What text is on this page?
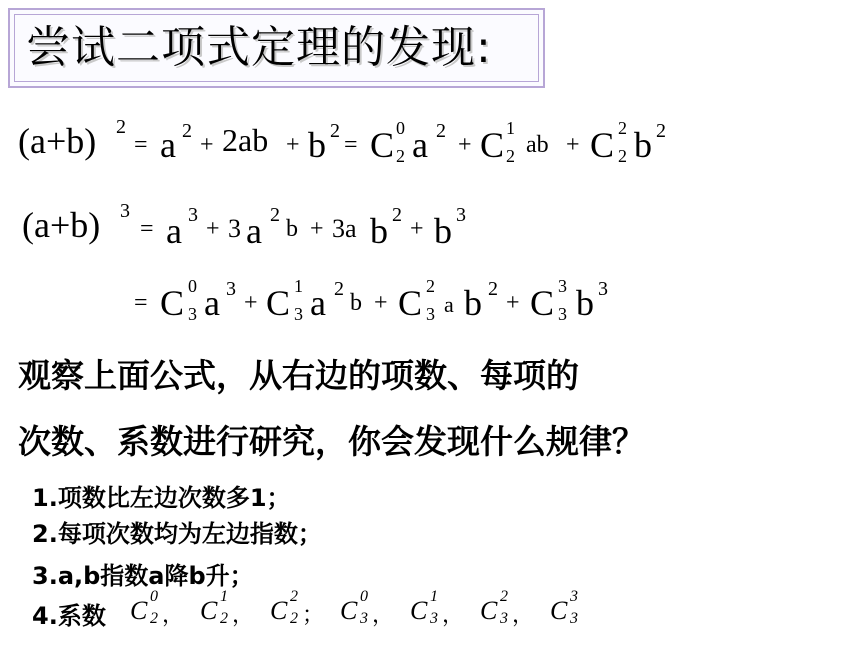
尝试二项式定理的发现:
(a+b) 2
= a 2
+ 2ab + b 2
= C 0
2 a 2
+ C 1
2 ab + C 2
2 b 2
(a+b) 3
= a 3
+ 3 a 2
b + 3a b 2
+ b 3
= C 0
3 a 3
+ C 1
3 a 2
b + C 2
3 a b 2
+ C 3
3 b 3
观察上面公式，从右边的项数、每项的
次数、系数进行研究，你会发现什么规律？
1.项数比左边次数多1；
2.每项次数均为左边指数；
3.a,b指数a降b升；
4.系数 C 0
2 ， C 1
2 ， C 2
2 ； C 0
3 ， C 1
3 ， C 2
3 ， C 3
3
